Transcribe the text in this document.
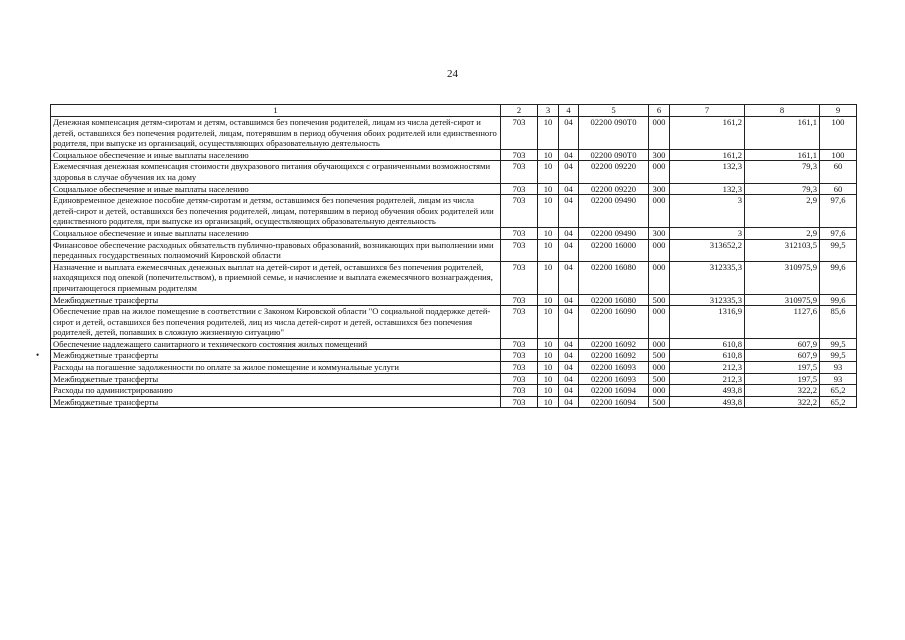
24
•
1	2	3	4	5	6	7	8	9
Денежная компенсация детям-сиротам и детям, оставшимся без попечения родителей, лицам из числа детей-сирот и детей, оставшихся без попечения родителей, лицам, потерявшим в период обучения обоих родителей или единственного родителя, при выпуске из организаций, осуществляющих образовательную деятельность	703	10	04	02200 090Т0	000	161,2	161,1	100
Социальное обеспечение и иные выплаты населению	703	10	04	02200 090Т0	300	161,2	161,1	100
Ежемесячная денежная компенсация стоимости двухразового питания обучающихся с ограниченными возможностями здоровья в случае обучения их на дому	703	10	04	02200 09220	000	132,3	79,3	60
Социальное обеспечение и иные выплаты населению	703	10	04	02200 09220	300	132,3	79,3	60
Единовременное денежное пособие детям-сиротам и детям, оставшимся без попечения родителей, лицам из числа детей-сирот и детей, оставшихся без попечения родителей, лицам, потерявшим в период обучения обоих родителей или единственного родителя, при выпуске из организаций, осуществляющих образовательную деятельность	703	10	04	02200 09490	000	3	2,9	97,6
Социальное обеспечение и иные выплаты населению	703	10	04	02200 09490	300	3	2,9	97,6
Финансовое обеспечение расходных обязательств публично-правовых образований, возникающих при выполнении ими переданных государственных полномочий Кировской области	703	10	04	02200 16000	000	313652,2	312103,5	99,5
Назначение и выплата ежемесячных денежных выплат на детей-сирот и детей, оставшихся без попечения родителей, находящихся под опекой (попечительством), в приемной семье, и начисление и выплата ежемесячного вознаграждения, причитающегося приемным родителям	703	10	04	02200 16080	000	312335,3	310975,9	99,6
Межбюджетные трансферты	703	10	04	02200 16080	500	312335,3	310975,9	99,6
Обеспечение прав на жилое помещение в соответствии с Законом Кировской области "О социальной поддержке детей-сирот и детей, оставшихся без попечения родителей, лиц из числа детей-сирот и детей, оставшихся без попечения родителей, детей, попавших в сложную жизненную ситуацию"	703	10	04	02200 16090	000	1316,9	1127,6	85,6
Обеспечение надлежащего санитарного и технического состояния жилых помещений	703	10	04	02200 16092	000	610,8	607,9	99,5
Межбюджетные трансферты	703	10	04	02200 16092	500	610,8	607,9	99,5
Расходы на погашение задолженности по оплате за жилое помещение и коммунальные услуги	703	10	04	02200 16093	000	212,3	197,5	93
Межбюджетные трансферты	703	10	04	02200 16093	500	212,3	197,5	93
Расходы по администрированию	703	10	04	02200 16094	000	493,8	322,2	65,2
Межбюджетные трансферты	703	10	04	02200 16094	500	493,8	322,2	65,2
